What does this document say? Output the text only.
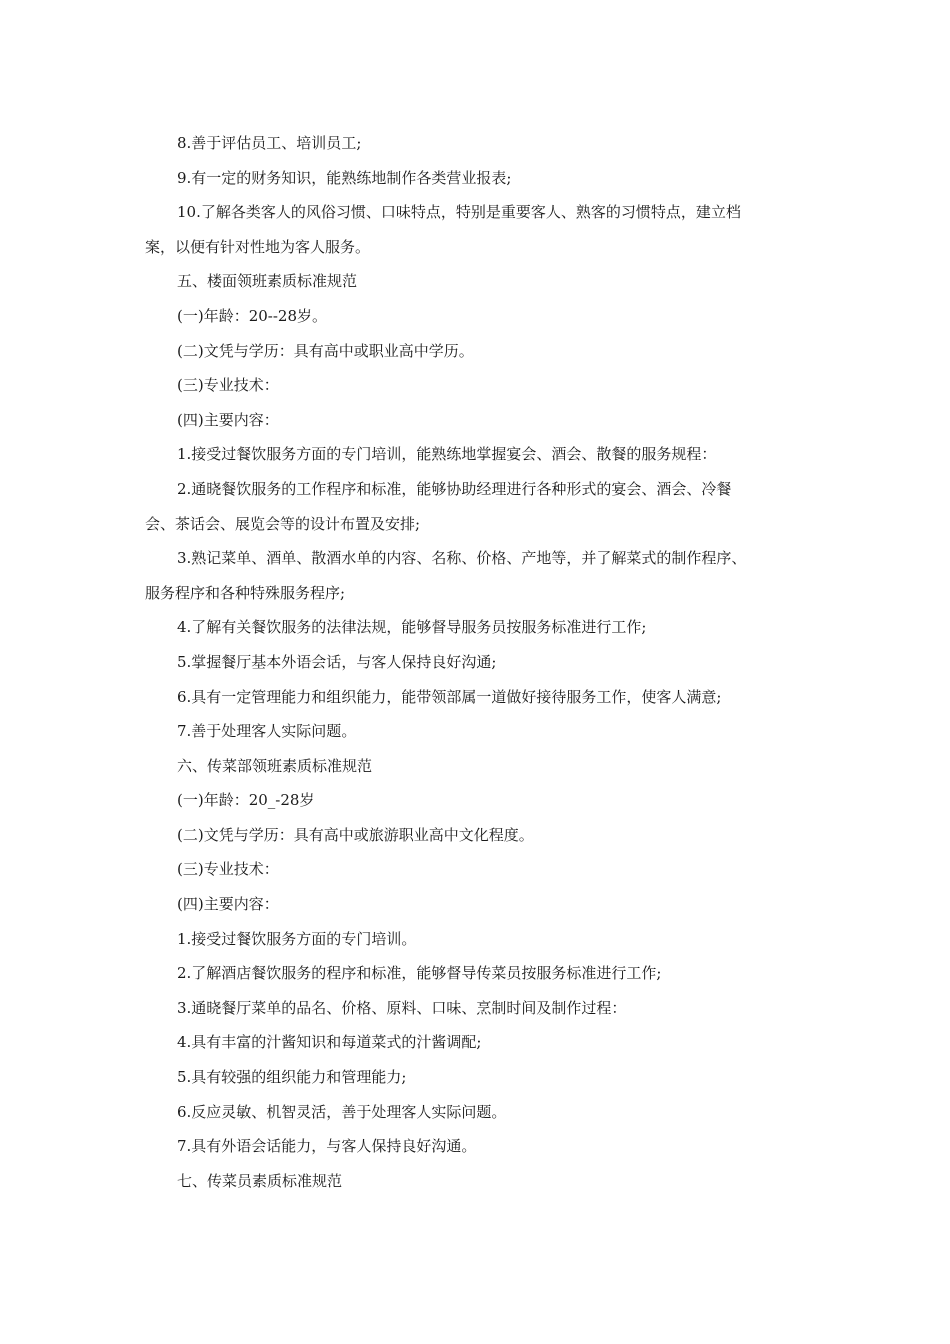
8.善于评估员工、培训员工;
9.有一定的财务知识，能熟练地制作各类营业报表;
10.了解各类客人的风俗习惯、口味特点，特别是重要客人、熟客的习惯特点，建立档
案，以便有针对性地为客人服务。
五、楼面领班素质标准规范
(一)年龄：20--28岁。
(二)文凭与学历：具有高中或职业高中学历。
(三)专业技术：
(四)主要内容：
1.接受过餐饮服务方面的专门培训，能熟练地掌握宴会、酒会、散餐的服务规程：
2.通晓餐饮服务的工作程序和标准，能够协助经理进行各种形式的宴会、酒会、冷餐
会、茶话会、展览会等的设计布置及安排;
3.熟记菜单、酒单、散酒水单的内容、名称、价格、产地等，并了解菜式的制作程序、
服务程序和各种特殊服务程序;
4.了解有关餐饮服务的法律法规，能够督导服务员按服务标准进行工作;
5.掌握餐厅基本外语会话，与客人保持良好沟通;
6.具有一定管理能力和组织能力，能带领部属一道做好接待服务工作，使客人满意;
7.善于处理客人实际问题。
六、传菜部领班素质标准规范
(一)年龄：20_-28岁
(二)文凭与学历：具有高中或旅游职业高中文化程度。
(三)专业技术：
(四)主要内容：
1.接受过餐饮服务方面的专门培训。
2.了解酒店餐饮服务的程序和标准，能够督导传菜员按服务标准进行工作;
3.通晓餐厅菜单的品名、价格、原料、口味、烹制时间及制作过程：
4.具有丰富的汁酱知识和每道菜式的汁酱调配;
5.具有较强的组织能力和管理能力;
6.反应灵敏、机智灵活，善于处理客人实际问题。
7.具有外语会话能力，与客人保持良好沟通。
七、传菜员素质标准规范
